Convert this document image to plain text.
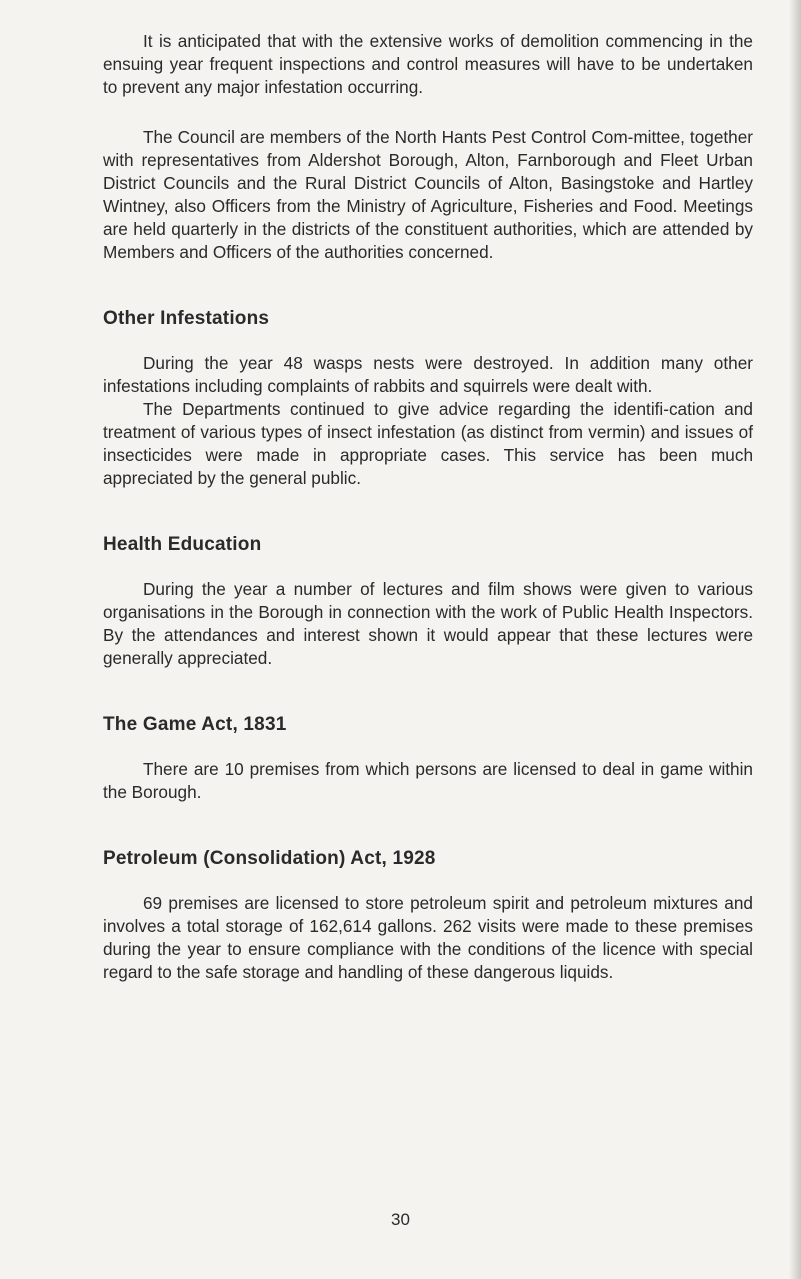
It is anticipated that with the extensive works of demolition commencing in the ensuing year frequent inspections and control measures will have to be undertaken to prevent any major infestation occurring.

The Council are members of the North Hants Pest Control Com-mittee, together with representatives from Aldershot Borough, Alton, Farnborough and Fleet Urban District Councils and the Rural District Councils of Alton, Basingstoke and Hartley Wintney, also Officers from the Ministry of Agriculture, Fisheries and Food. Meetings are held quarterly in the districts of the constituent authorities, which are attended by Members and Officers of the authorities concerned.

Other Infestations

During the year 48 wasps nests were destroyed. In addition many other infestations including complaints of rabbits and squirrels were dealt with.

The Departments continued to give advice regarding the identifi-cation and treatment of various types of insect infestation (as distinct from vermin) and issues of insecticides were made in appropriate cases. This service has been much appreciated by the general public.

Health Education

During the year a number of lectures and film shows were given to various organisations in the Borough in connection with the work of Public Health Inspectors. By the attendances and interest shown it would appear that these lectures were generally appreciated.

The Game Act, 1831

There are 10 premises from which persons are licensed to deal in game within the Borough.

Petroleum (Consolidation) Act, 1928

69 premises are licensed to store petroleum spirit and petroleum mixtures and involves a total storage of 162,614 gallons. 262 visits were made to these premises during the year to ensure compliance with the conditions of the licence with special regard to the safe storage and handling of these dangerous liquids.

30
